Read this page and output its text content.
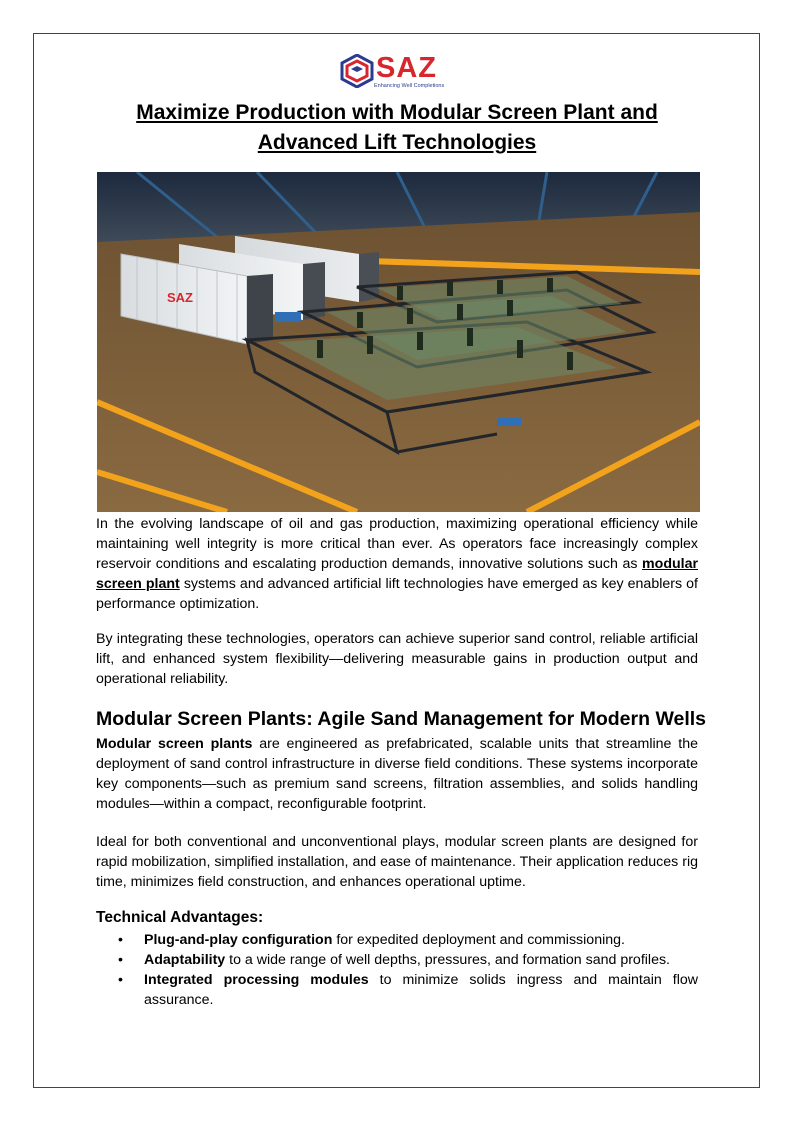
SAZ
Enhancing Well Completions
Maximize Production with Modular Screen Plant and
Advanced Lift Technologies
SAZ
In the evolving landscape of oil and gas production, maximizing operational efficiency while maintaining well integrity is more critical than ever. As operators face increasingly complex reservoir conditions and escalating production demands, innovative solutions such as modular screen plant systems and advanced artificial lift technologies have emerged as key enablers of performance optimization.
By integrating these technologies, operators can achieve superior sand control, reliable artificial lift, and enhanced system flexibility—delivering measurable gains in production output and operational reliability.
Modular Screen Plants: Agile Sand Management for Modern Wells
Modular screen plants are engineered as prefabricated, scalable units that streamline the deployment of sand control infrastructure in diverse field conditions. These systems incorporate key components—such as premium sand screens, filtration assemblies, and solids handling modules—within a compact, reconfigurable footprint.
Ideal for both conventional and unconventional plays, modular screen plants are designed for rapid mobilization, simplified installation, and ease of maintenance. Their application reduces rig time, minimizes field construction, and enhances operational uptime.
Technical Advantages:
• Plug-and-play configuration for expedited deployment and commissioning.
• Adaptability to a wide range of well depths, pressures, and formation sand profiles.
• Integrated processing modules to minimize solids ingress and maintain flow assurance.
